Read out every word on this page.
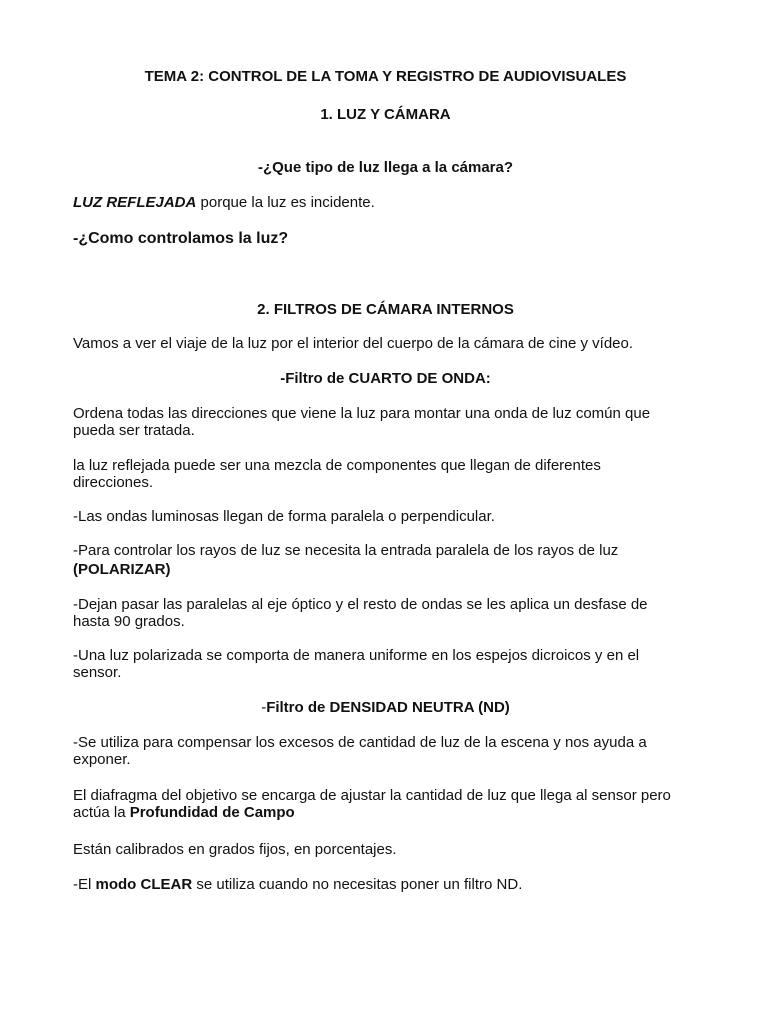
TEMA 2: CONTROL DE LA TOMA Y REGISTRO DE AUDIOVISUALES
1. LUZ Y CÁMARA
-¿Que tipo de luz llega a la cámara?
LUZ REFLEJADA porque la luz es incidente.
-¿Como controlamos la luz?
2. FILTROS DE CÁMARA INTERNOS
Vamos a ver el viaje de la luz por el interior del cuerpo de la cámara de cine y vídeo.
-Filtro de CUARTO DE ONDA:
Ordena todas las direcciones que viene la luz para montar una onda de luz común que
pueda ser tratada.
la luz reflejada puede ser una mezcla de componentes que llegan de diferentes
direcciones.
-Las ondas luminosas llegan de forma paralela o perpendicular.
-Para controlar los rayos de luz se necesita la entrada paralela de los rayos de luz
(POLARIZAR)
-Dejan pasar las paralelas al eje óptico y el resto de ondas se les aplica un desfase de
hasta 90 grados.
-Una luz polarizada se comporta de manera uniforme en los espejos dicroicos y en el
sensor.
-Filtro de DENSIDAD NEUTRA (ND)
-Se utiliza para compensar los excesos de cantidad de luz de la escena y nos ayuda a
exponer.
El diafragma del objetivo se encarga de ajustar la cantidad de luz que llega al sensor pero
actúa la Profundidad de Campo
Están calibrados en grados fijos, en porcentajes.
-El modo CLEAR se utiliza cuando no necesitas poner un filtro ND.
